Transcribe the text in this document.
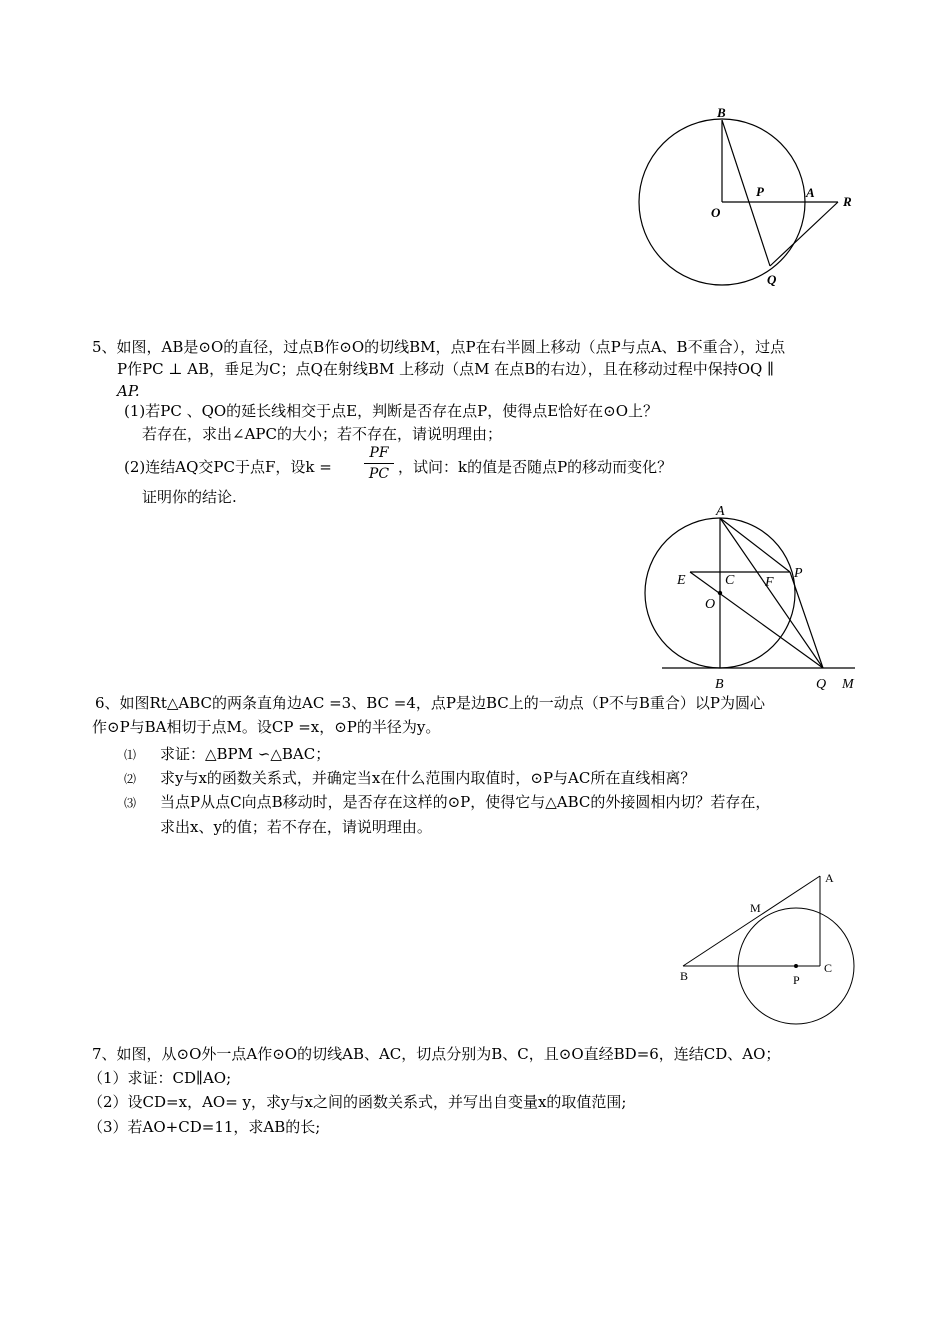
B
P	A
R
O
Q
5、如图，AB是⊙O的直径，过点B作⊙O的切线BM，点P在右半圆上移动（点P与点A、B不重合），过点
P作PC ⊥ AB，垂足为C；点Q在射线BM 上移动（点M 在点B的右边），且在移动过程中保持OQ ∥
AP.
(1)若PC 、QO的延长线相交于点E，判断是否存在点P，使得点E恰好在⊙O上？
若存在，求出∠APC的大小；若不存在，请说明理由；
(2)连结AQ交PC于点F，设k =
PF
PC ，试问：k的值是否随点P的移动而变化？
证明你的结论.
A
E	C F
P
O
B	Q M
6、如图Rt△ABC的两条直角边AC =3、BC =4，点P是边BC上的一动点（P不与B重合）以P为圆心
作⊙P与BA相切于点M。设CP =x，⊙P的半径为y。
⑴ 求证：△BPM ∽△BAC；
⑵ 求y与x的函数关系式，并确定当x在什么范围内取值时，⊙P与AC所在直线相离？
⑶ 当点P从点C向点B移动时，是否存在这样的⊙P，使得它与△ABC的外接圆相内切？若存在，
求出x、y的值；若不存在，请说明理由。
A
M
B	P
C
7、如图，从⊙O外一点A作⊙O的切线AB、AC，切点分别为B、C，且⊙O直经BD=6，连结CD、AO；
（1）求证：CD∥AO;
（2）设CD=x，AO= y，求y与x之间的函数关系式，并写出自变量x的取值范围;
（3）若AO+CD=11，求AB的长;
